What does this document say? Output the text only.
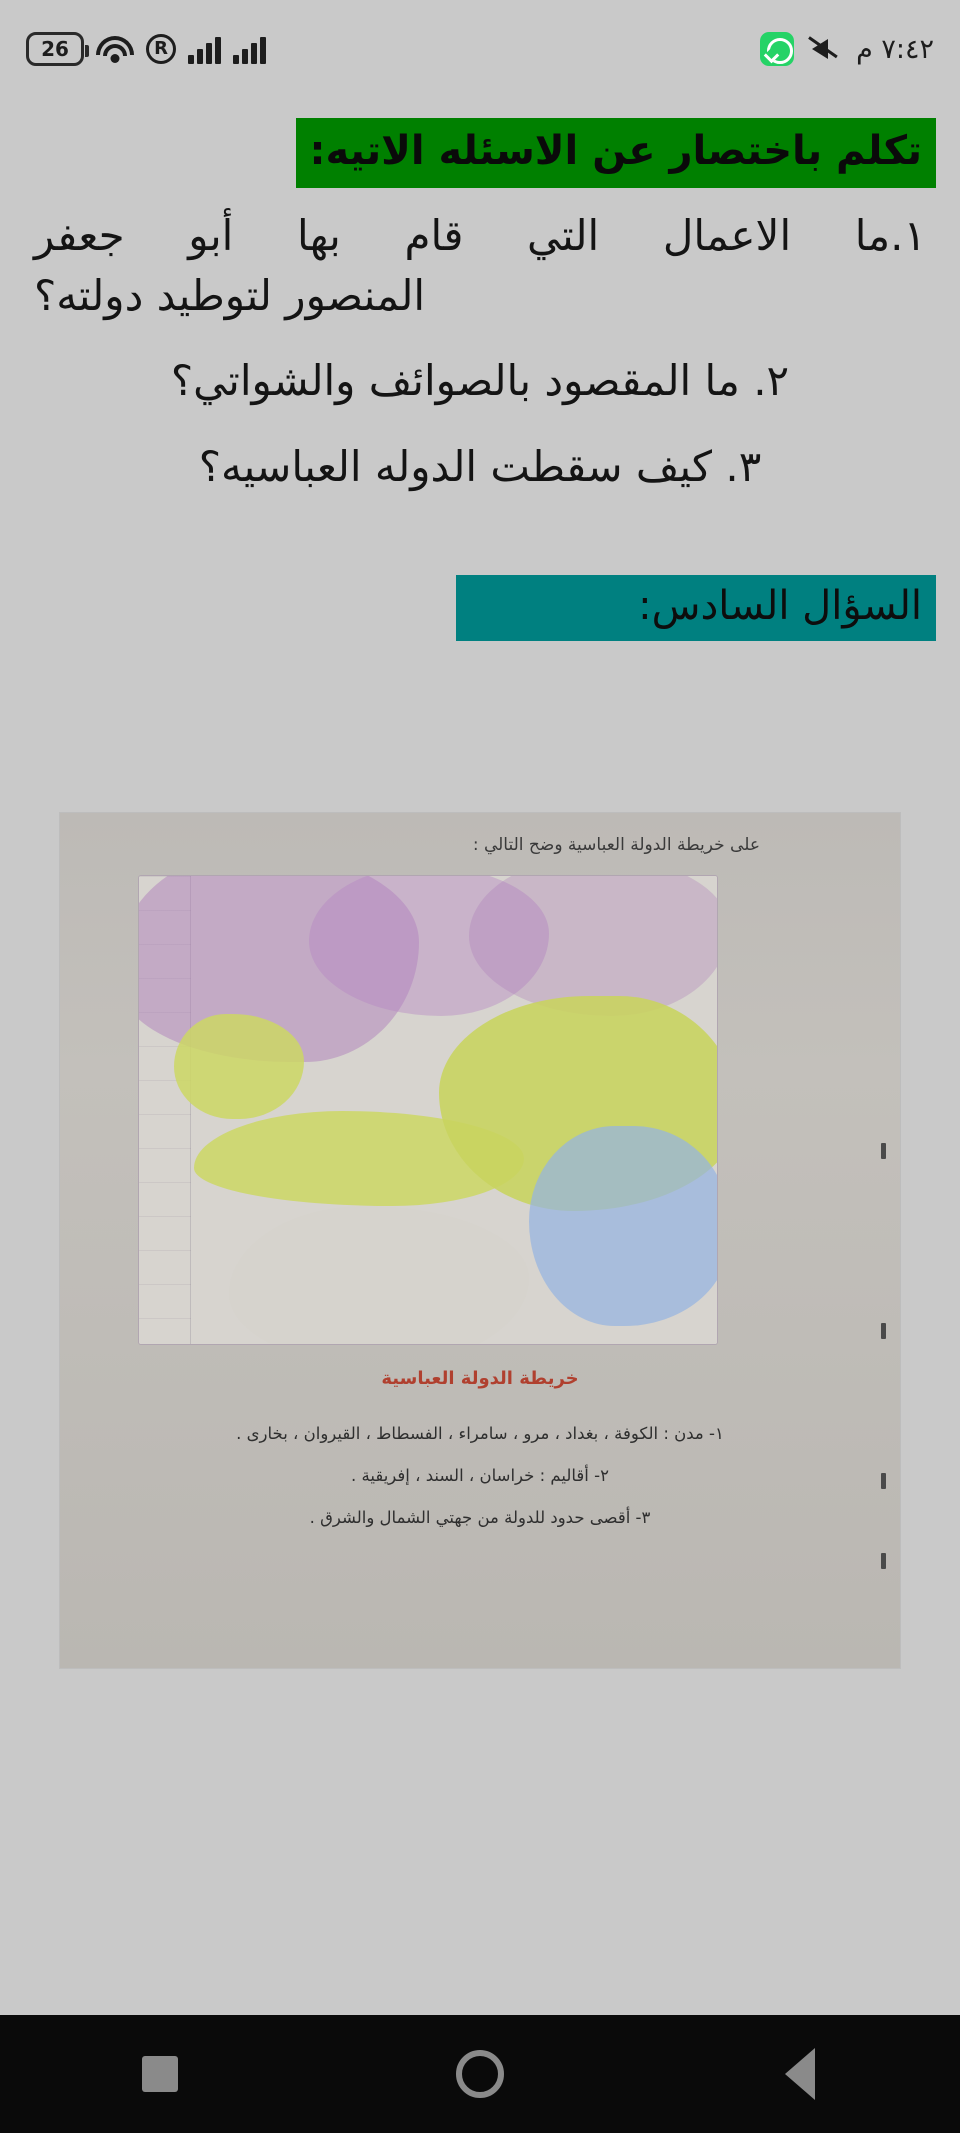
26	R	٧:٤٢ م
تكلم باختصار عن الاسئله الاتيه:
١.ما الاعمال التي قام بها أبو جعفر
المنصور لتوطيد دولته؟
٢. ما المقصود بالصوائف والشواتي؟
٣. كيف سقطت الدوله العباسيه؟
السؤال السادس:
على خريطة الدولة العباسية وضح التالي :
خريطة الدولة العباسية
١- مدن : الكوفة ، بغداد ، مرو ، سامراء ، الفسطاط ، القيروان ، بخارى .
٢- أقاليم : خراسان ، السند ، إفريقية .
٣- أقصى حدود للدولة من جهتي الشمال والشرق .
